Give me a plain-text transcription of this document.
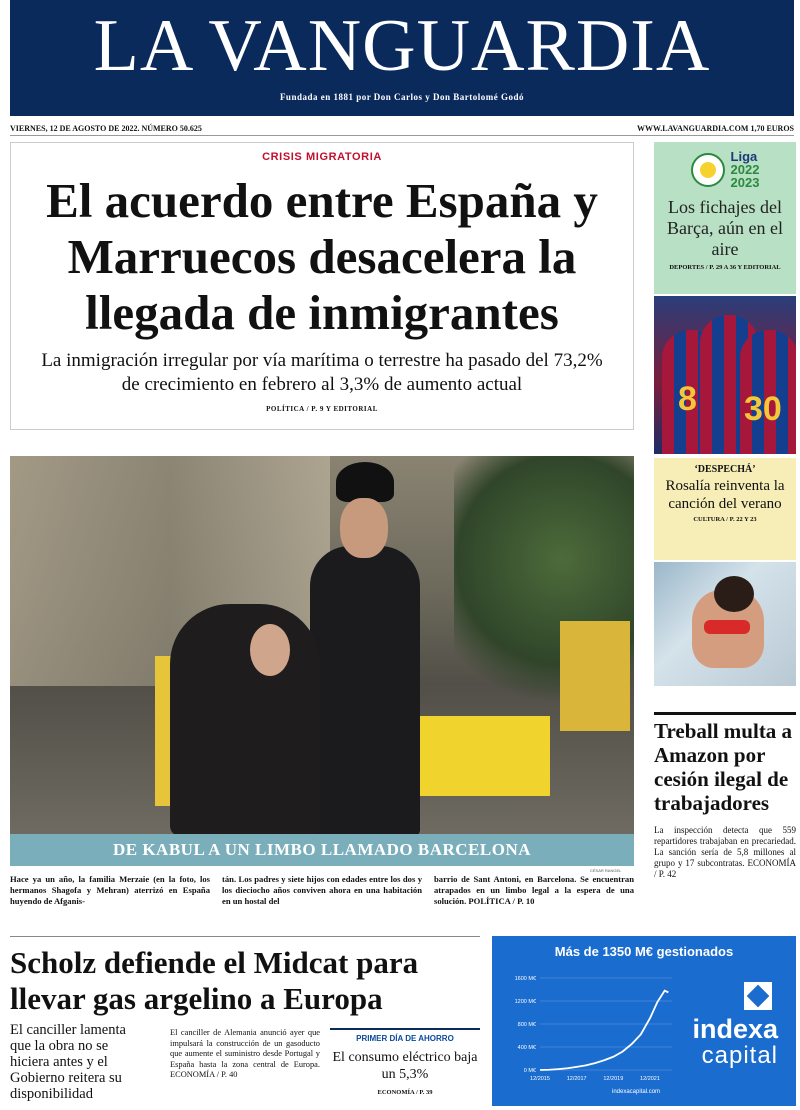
LA VANGUARDIA
Fundada en 1881 por Don Carlos y Don Bartolomé Godó
VIERNES, 12 DE AGOSTO DE 2022. NÚMERO 50.625	WWW.LAVANGUARDIA.COM 1,70 EUROS
CRISIS MIGRATORIA
El acuerdo entre España y Marruecos desacelera la llegada de inmigrantes
La inmigración irregular por vía marítima o terrestre ha pasado del 73,2% de crecimiento en febrero al 3,3% de aumento actual
POLÍTICA / P. 9 Y EDITORIAL
DE KABUL A UN LIMBO LLAMADO BARCELONA
CÉSAR RANGEL
Hace ya un año, la familia Merzaie (en la foto, los hermanos Shagofa y Mehran) aterrizó en España huyendo de Afganis-
tán. Los padres y siete hijos con edades entre los dos y los dieciocho años conviven ahora en una habitación en un hostal del
barrio de Sant Antoni, en Barcelona. Se encuentran atrapados en un limbo legal a la espera de una solución. POLÍTICA / P. 10
Liga
2022
2023
Los fichajes del Barça, aún en el aire
DEPORTES / P. 29 A 36 Y EDITORIAL
8 30
‘DESPECHÁ’
Rosalía reinventa la canción del verano
CULTURA / P. 22 Y 23
Treball multa a Amazon por cesión ilegal de trabajadores
La inspección detecta que 559 repartidores trabajaban en precariedad. La sanción sería de 5,8 millones al grupo y 17 subcontratas. ECONOMÍA / P. 42
Scholz defiende el Midcat para llevar gas argelino a Europa
El canciller lamenta que la obra no se hiciera antes y el Gobierno reitera su disponibilidad
El canciller de Alemania anunció ayer que impulsará la construcción de un gasoducto que aumente el suministro desde Portugal y España hasta la zona central de Europa. ECONOMÍA / P. 40
PRIMER DÍA DE AHORRO
El consumo eléctrico baja un 5,3%
ECONOMÍA / P. 39
Más de 1350 M€ gestionados
0 M€
400 M€
800 M€
1200 M€
1600 M€
12/2015	12/2017	12/2019	12/2021
indexa
capital
indexacapital.com
